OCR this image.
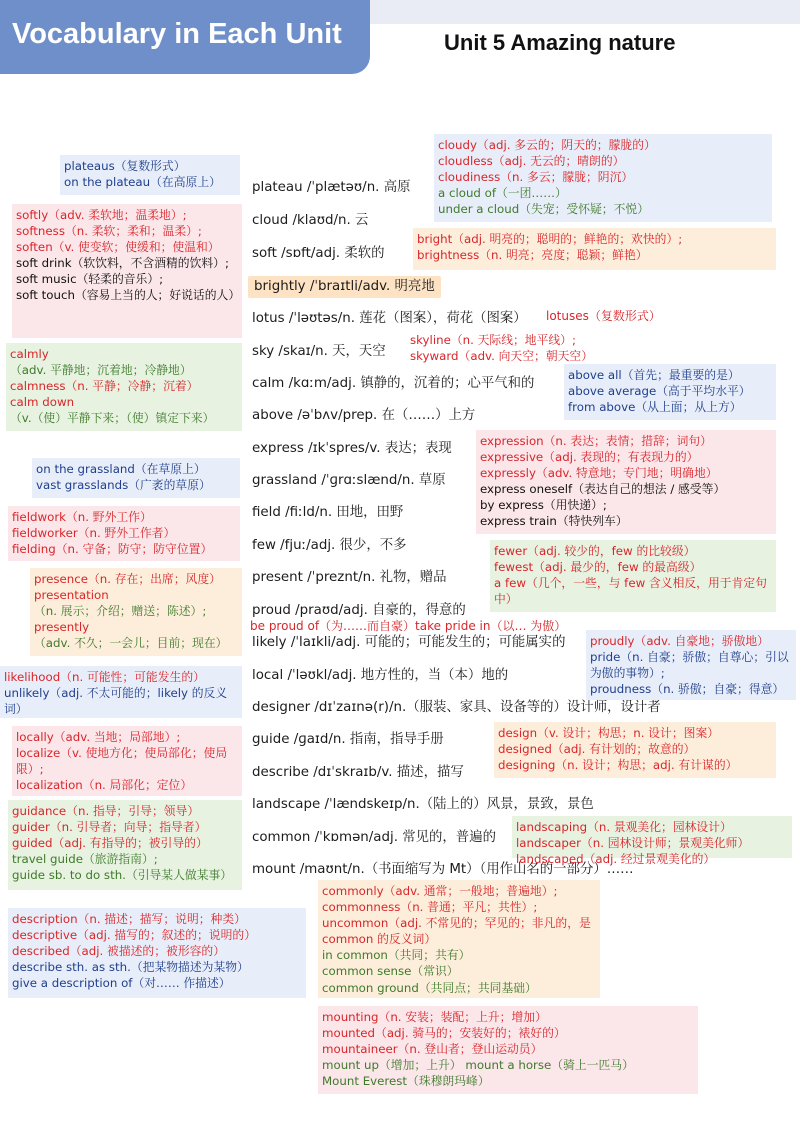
Vocabulary in Each Unit	Unit 5 Amazing nature
plateau /ˈplætəʊ/n. 高原
cloud /klaʊd/n. 云
soft /sɒft/adj. 柔软的
brightly /ˈbraɪtli/adv. 明亮地
lotus /ˈləʊtəs/n. 莲花（图案），荷花（图案）
sky /skaɪ/n. 天，天空
calm /kɑːm/adj. 镇静的，沉着的；心平气和的
above /əˈbʌv/prep. 在（……）上方
express /ɪkˈspres/v. 表达；表现
grassland /ˈɡrɑːslænd/n. 草原
field /fiːld/n. 田地，田野
few /fjuː/adj. 很少，不多
present /ˈpreznt/n. 礼物，赠品
proud /praʊd/adj. 自豪的，得意的
likely /ˈlaɪkli/adj. 可能的；可能发生的；可能属实的
local /ˈləʊkl/adj. 地方性的，当（本）地的
designer /dɪˈzaɪnə(r)/n.（服装、家具、设备等的）设计师，设计者
guide /ɡaɪd/n. 指南，指导手册
describe /dɪˈskraɪb/v. 描述，描写
landscape /ˈlændskeɪp/n.（陆上的）风景，景致，景色
common /ˈkɒmən/adj. 常见的，普遍的
mount /maʊnt/n.（书面缩写为 Mt）（用作山名的一部分）……
lotuses（复数形式）
be proud of（为……而自豪）take pride in（以… 为傲）
cloudy（adj. 多云的；阴天的；朦胧的）
cloudless（adj. 无云的；晴朗的）
cloudiness（n. 多云；朦胧；阴沉）
a cloud of（一团……）
under a cloud（失宠；受怀疑；不悦）
plateaus（复数形式）
on the plateau（在高原上）
softly（adv. 柔软地；温柔地）;
softness（n. 柔软；柔和；温柔）;
soften（v. 使变软；使缓和；使温和）
soft drink（软饮料，不含酒精的饮料）;
soft music（轻柔的音乐）;
soft touch（容易上当的人；好说话的人）
bright（adj. 明亮的；聪明的；鲜艳的；欢快的）;
brightness（n. 明亮；亮度；聪颖；鲜艳）
skyline（n. 天际线；地平线）;
skyward（adv. 向天空；朝天空）
calmly
（adv. 平静地；沉着地；冷静地）
calmness（n. 平静；冷静；沉着）
calm down
（v.（使）平静下来；（使）镇定下来）
above all（首先；最重要的是）
above average（高于平均水平）
from above（从上面；从上方）
expression（n. 表达；表情；措辞；词句）
expressive（adj. 表现的；有表现力的）
expressly（adv. 特意地；专门地；明确地）
express oneself（表达自己的想法 / 感受等）
by express（用快递）;
express train（特快列车）
on the grassland（在草原上）
vast grasslands（广袤的草原）
fieldwork（n. 野外工作）
fieldworker（n. 野外工作者）
fielding（n. 守备；防守；防守位置）	fewer（adj. 较少的，few 的比较级）
fewest（adj. 最少的，few 的最高级）
a few（几个，一些，与 few 含义相反，用于肯定句中）
presence（n. 存在；出席；风度）
presentation
（n. 展示；介绍；赠送；陈述）;
presently
（adv. 不久；一会儿；目前；现在）	proudly（adv. 自豪地；骄傲地）
pride（n. 自豪；骄傲；自尊心；引以为傲的事物）;
proudness（n. 骄傲；自豪；得意）
likelihood（n. 可能性；可能发生的）
unlikely（adj. 不太可能的；likely 的反义词）
locally（adv. 当地；局部地）;
localize（v. 使地方化；使局部化；使局限）;
localization（n. 局部化；定位）
design（v. 设计；构思；n. 设计；图案）
designed（adj. 有计划的；故意的）
designing（n. 设计；构思；adj. 有计谋的）
guidance（n. 指导；引导；领导）
guider（n. 引导者；向导；指导者）
guided（adj. 有指导的；被引导的）
travel guide（旅游指南）;
guide sb. to do sth.（引导某人做某事）
landscaping（n. 景观美化；园林设计）
landscaper（n. 园林设计师；景观美化师）
landscaped（adj. 经过景观美化的）
commonly（adv. 通常；一般地；普遍地）;
commonness（n. 普通；平凡；共性）;
uncommon（adj. 不常见的；罕见的；非凡的，是 common 的反义词）
in common（共同；共有）
common sense（常识）
common ground（共同点；共同基础）
description（n. 描述；描写；说明；种类）
descriptive（adj. 描写的；叙述的；说明的）
described（adj. 被描述的；被形容的）
describe sth. as sth.（把某物描述为某物）
give a description of（对…… 作描述）
mounting（n. 安装；装配；上升；增加）
mounted（adj. 骑马的；安装好的；裱好的）
mountaineer（n. 登山者；登山运动员）
mount up（增加；上升） mount a horse（骑上一匹马）
Mount Everest（珠穆朗玛峰）
